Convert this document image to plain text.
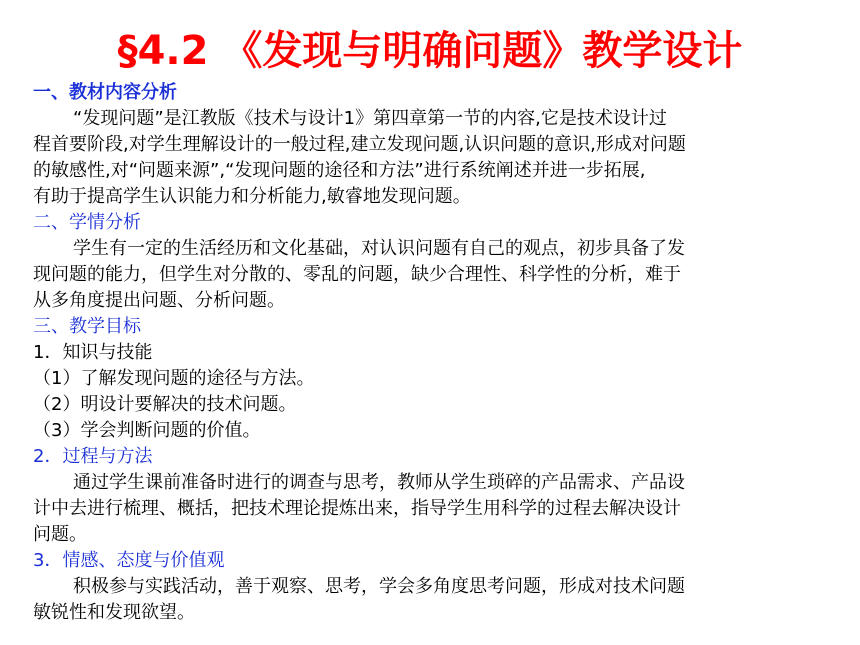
§4.2 《发现与明确问题》教学设计
一、教材内容分析
“发现问题”是江教版《技术与设计1》第四章第一节的内容,它是技术设计过
程首要阶段,对学生理解设计的一般过程,建立发现问题,认识问题的意识,形成对问题
的敏感性,对“问题来源”,“发现问题的途径和方法”进行系统阐述并进一步拓展,
有助于提高学生认识能力和分析能力,敏睿地发现问题。
二、学情分析
学生有一定的生活经历和文化基础，对认识问题有自己的观点，初步具备了发
现问题的能力，但学生对分散的、零乱的问题，缺少合理性、科学性的分析，难于
从多角度提出问题、分析问题。
三、教学目标
1．知识与技能
（1）了解发现问题的途径与方法。
（2）明设计要解决的技术问题。
（3）学会判断问题的价值。
2．过程与方法
通过学生课前准备时进行的调查与思考，教师从学生琐碎的产品需求、产品设
计中去进行梳理、概括，把技术理论提炼出来，指导学生用科学的过程去解决设计
问题。
3．情感、态度与价值观
积极参与实践活动，善于观察、思考，学会多角度思考问题，形成对技术问题
敏锐性和发现欲望。
